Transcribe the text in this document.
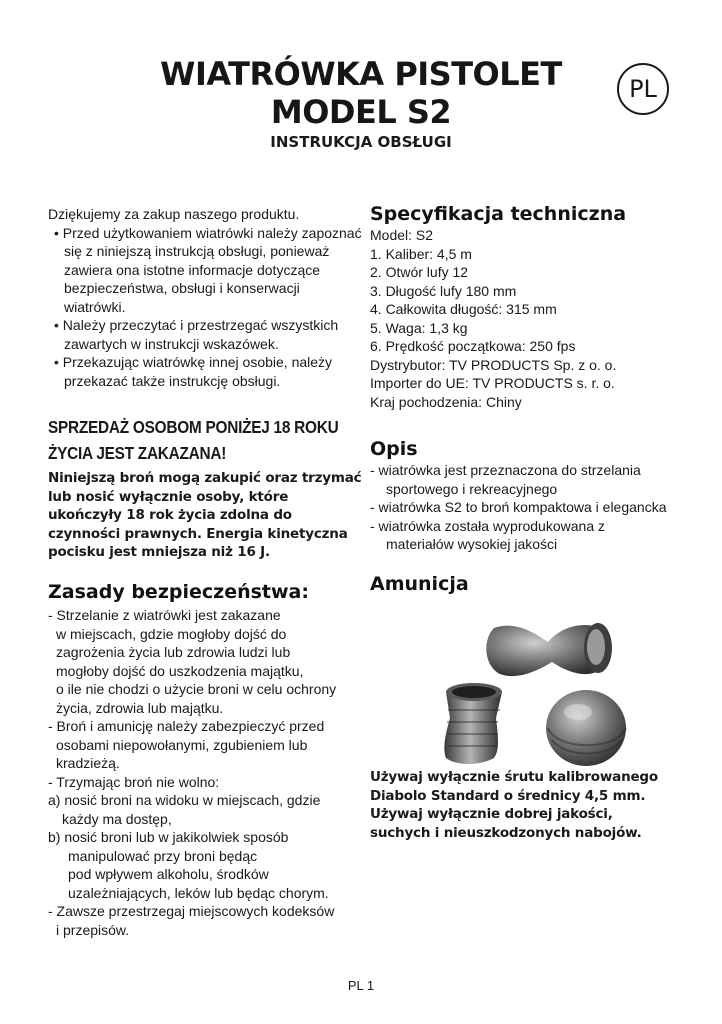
WIATRÓWKA PISTOLET
MODEL S2
INSTRUKCJA OBSŁUGI
PL
Dziękujemy za zakup naszego produktu.
• Przed użytkowaniem wiatrówki należy zapoznać się z niniejszą instrukcją obsługi, ponieważ zawiera ona istotne informacje dotyczące bezpieczeństwa, obsługi i konserwacji wiatrówki.
• Należy przeczytać i przestrzegać wszystkich zawartych w instrukcji wskazówek.
• Przekazując wiatrówkę innej osobie, należy przekazać także instrukcję obsługi.
SPRZEDAŻ OSOBOM PONIŻEJ 18 ROKU
ŻYCIA JEST ZAKAZANA!
Niniejszą broń mogą zakupić oraz trzymać lub nosić wyłącznie osoby, które ukończyły 18 rok życia zdolna do czynności prawnych. Energia kinetyczna pocisku jest mniejsza niż 16 J.
Zasady bezpieczeństwa:
- Strzelanie z wiatrówki jest zakazane
w miejscach, gdzie mogłoby dojść do
zagrożenia życia lub zdrowia ludzi lub
mogłoby dojść do uszkodzenia majątku,
o ile nie chodzi o użycie broni w celu ochrony
życia, zdrowia lub majątku.
- Broń i amunicję należy zabezpieczyć przed
osobami niepowołanymi, zgubieniem lub
kradzieżą.
- Trzymając broń nie wolno:
a) nosić broni na widoku w miejscach, gdzie
każdy ma dostęp,
b) nosić broni lub w jakikolwiek sposób
manipulować przy broni będąc
pod wpływem alkoholu, środków
uzależniających, leków lub będąc chorym.
- Zawsze przestrzegaj miejscowych kodeksów
i przepisów.
Specyfikacja techniczna
Model: S2
1. Kaliber: 4,5 m
2. Otwór lufy 12
3. Długość lufy 180 mm
4. Całkowita długość: 315 mm
5. Waga: 1,3 kg
6. Prędkość początkowa: 250 fps
Dystrybutor: TV PRODUCTS Sp. z o. o.
Importer do UE: TV PRODUCTS s. r. o.
Kraj pochodzenia: Chiny
Opis
- wiatrówka jest przeznaczona do strzelania sportowego i rekreacyjnego
- wiatrówka S2 to broń kompaktowa i elegancka
- wiatrówka została wyprodukowana z materiałów wysokiej jakości
Amunicja
Używaj wyłącznie śrutu kalibrowanego Diabolo Standard o średnicy 4,5 mm. Używaj wyłącznie dobrej jakości, suchych i nieuszkodzonych nabojów.
PL 1
